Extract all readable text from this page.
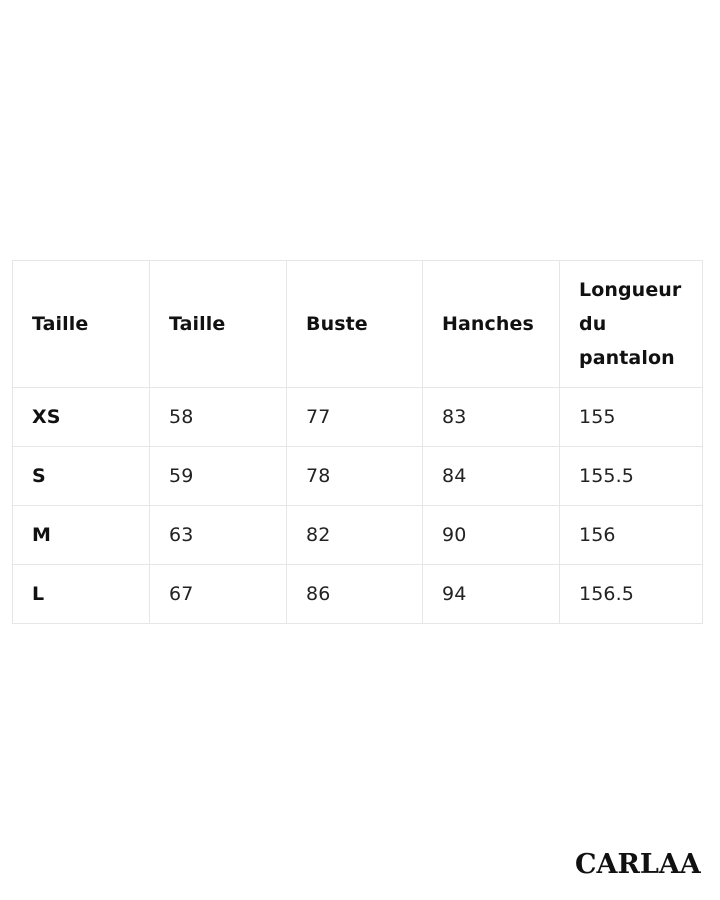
Taille	Taille	Buste	Hanches	Longueur du pantalon

XS	58	77	83	155
S	59	78	84	155.5
M	63	82	90	156
L	67	86	94	156.5
CARLAA
